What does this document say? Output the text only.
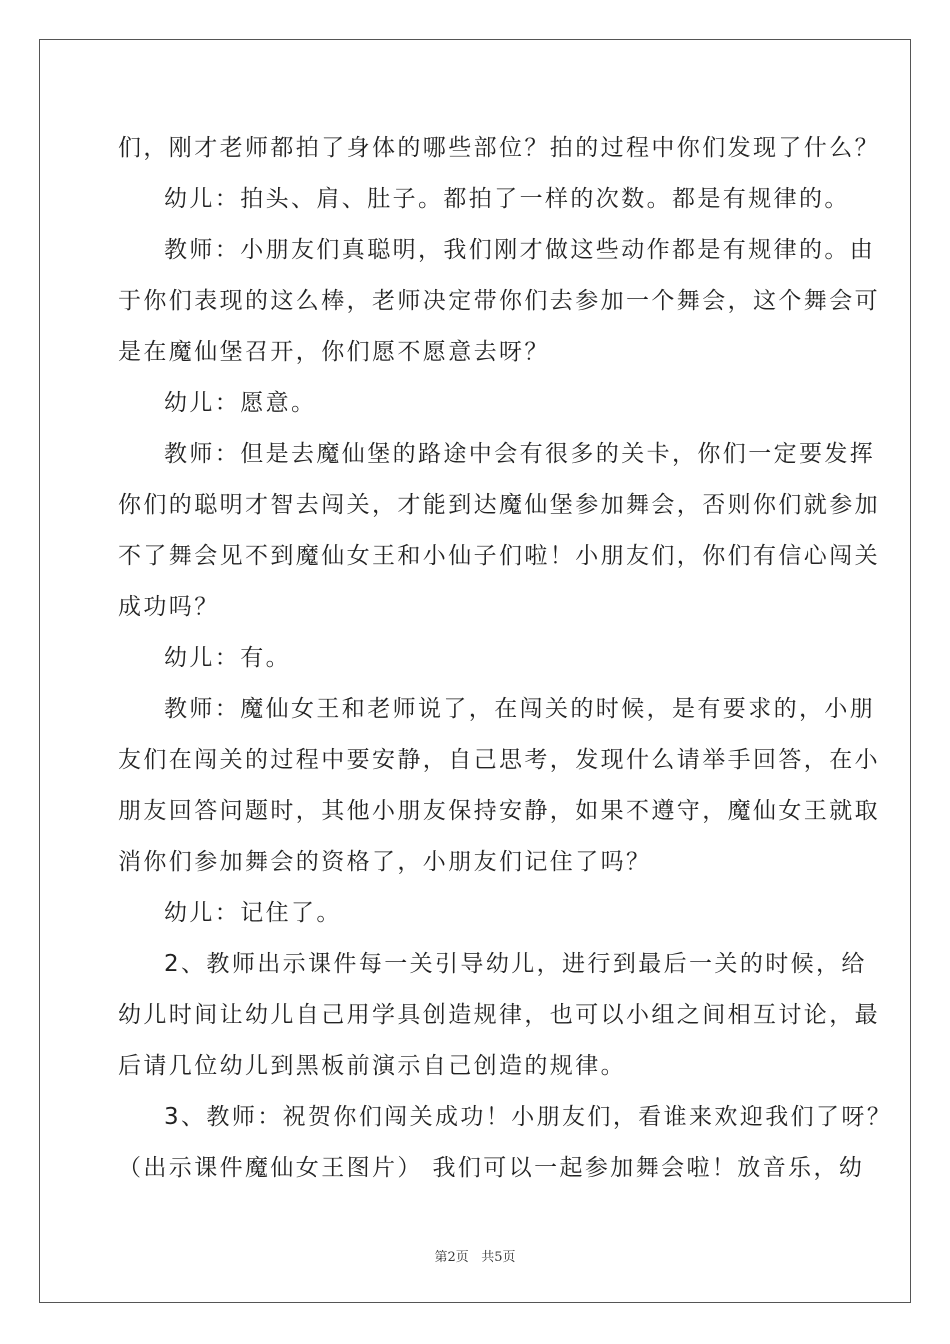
们，刚才老师都拍了身体的哪些部位？拍的过程中你们发现了什么？
幼儿：拍头、肩、肚子。都拍了一样的次数。都是有规律的。
教师：小朋友们真聪明，我们刚才做这些动作都是有规律的。由
于你们表现的这么棒，老师决定带你们去参加一个舞会，这个舞会可
是在魔仙堡召开，你们愿不愿意去呀？
幼儿：愿意。
教师：但是去魔仙堡的路途中会有很多的关卡，你们一定要发挥
你们的聪明才智去闯关，才能到达魔仙堡参加舞会，否则你们就参加
不了舞会见不到魔仙女王和小仙子们啦！小朋友们，你们有信心闯关
成功吗？
幼儿：有。
教师：魔仙女王和老师说了，在闯关的时候，是有要求的，小朋
友们在闯关的过程中要安静，自己思考，发现什么请举手回答，在小
朋友回答问题时，其他小朋友保持安静，如果不遵守，魔仙女王就取
消你们参加舞会的资格了，小朋友们记住了吗？
幼儿：记住了。
2、教师出示课件每一关引导幼儿，进行到最后一关的时候，给
幼儿时间让幼儿自己用学具创造规律，也可以小组之间相互讨论，最
后请几位幼儿到黑板前演示自己创造的规律。
3、教师：祝贺你们闯关成功！小朋友们，看谁来欢迎我们了呀？
（出示课件魔仙女王图片） 我们可以一起参加舞会啦！放音乐，幼
第2页 共5页
